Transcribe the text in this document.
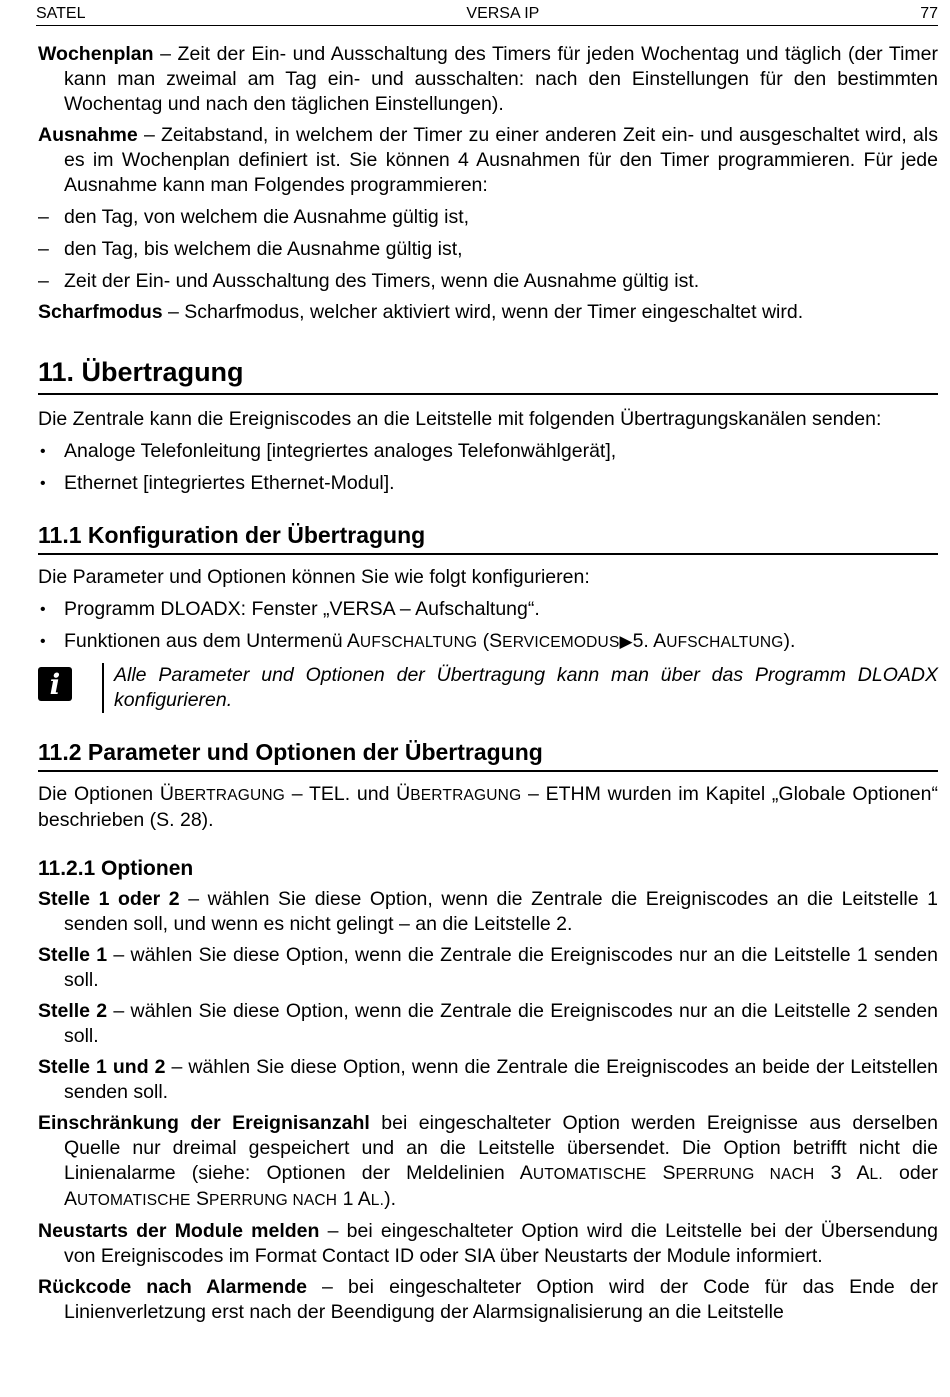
SATEL	VERSA IP	77

Wochenplan – Zeit der Ein- und Ausschaltung des Timers für jeden Wochentag und täglich (der Timer kann man zweimal am Tag ein- und ausschalten: nach den Einstellungen für den bestimmten Wochentag und nach den täglichen Einstellungen).

Ausnahme – Zeitabstand, in welchem der Timer zu einer anderen Zeit ein- und ausgeschaltet wird, als es im Wochenplan definiert ist. Sie können 4 Ausnahmen für den Timer programmieren. Für jede Ausnahme kann man Folgendes programmieren:

– den Tag, von welchem die Ausnahme gültig ist,
– den Tag, bis welchem die Ausnahme gültig ist,
– Zeit der Ein- und Ausschaltung des Timers, wenn die Ausnahme gültig ist.

Scharfmodus – Scharfmodus, welcher aktiviert wird, wenn der Timer eingeschaltet wird.

11. Übertragung

Die Zentrale kann die Ereigniscodes an die Leitstelle mit folgenden Übertragungskanälen senden:

• Analoge Telefonleitung [integriertes analoges Telefonwählgerät],
• Ethernet [integriertes Ethernet-Modul].
11.1 Konfiguration der Übertragung

Die Parameter und Optionen können Sie wie folgt konfigurieren:

• Programm DLOADX: Fenster „VERSA – Aufschaltung“.
• Funktionen aus dem Untermenü AUFSCHALTUNG (SERVICEMODUS▶5. AUFSCHALTUNG).
i	Alle Parameter und Optionen der Übertragung kann man über das Programm DLOADX konfigurieren.
11.2 Parameter und Optionen der Übertragung

Die Optionen ÜBERTRAGUNG – TEL. und ÜBERTRAGUNG – ETHM wurden im Kapitel „Globale Optionen“ beschrieben (S. 28).

11.2.1 Optionen

Stelle 1 oder 2 – wählen Sie diese Option, wenn die Zentrale die Ereigniscodes an die Leitstelle 1 senden soll, und wenn es nicht gelingt – an die Leitstelle 2.

Stelle 1 – wählen Sie diese Option, wenn die Zentrale die Ereigniscodes nur an die Leitstelle 1 senden soll.

Stelle 2 – wählen Sie diese Option, wenn die Zentrale die Ereigniscodes nur an die Leitstelle 2 senden soll.

Stelle 1 und 2 – wählen Sie diese Option, wenn die Zentrale die Ereigniscodes an beide der Leitstellen senden soll.

Einschränkung der Ereignisanzahl bei eingeschalteter Option werden Ereignisse aus derselben Quelle nur dreimal gespeichert und an die Leitstelle übersendet. Die Option betrifft nicht die Linienalarme (siehe: Optionen der Meldelinien AUTOMATISCHE SPERRUNG NACH 3 AL. oder AUTOMATISCHE SPERRUNG NACH 1 AL.).

Neustarts der Module melden – bei eingeschalteter Option wird die Leitstelle bei der Übersendung von Ereigniscodes im Format Contact ID oder SIA über Neustarts der Module informiert.

Rückcode nach Alarmende – bei eingeschalteter Option wird der Code für das Ende der Linienverletzung erst nach der Beendigung der Alarmsignalisierung an die Leitstelle
